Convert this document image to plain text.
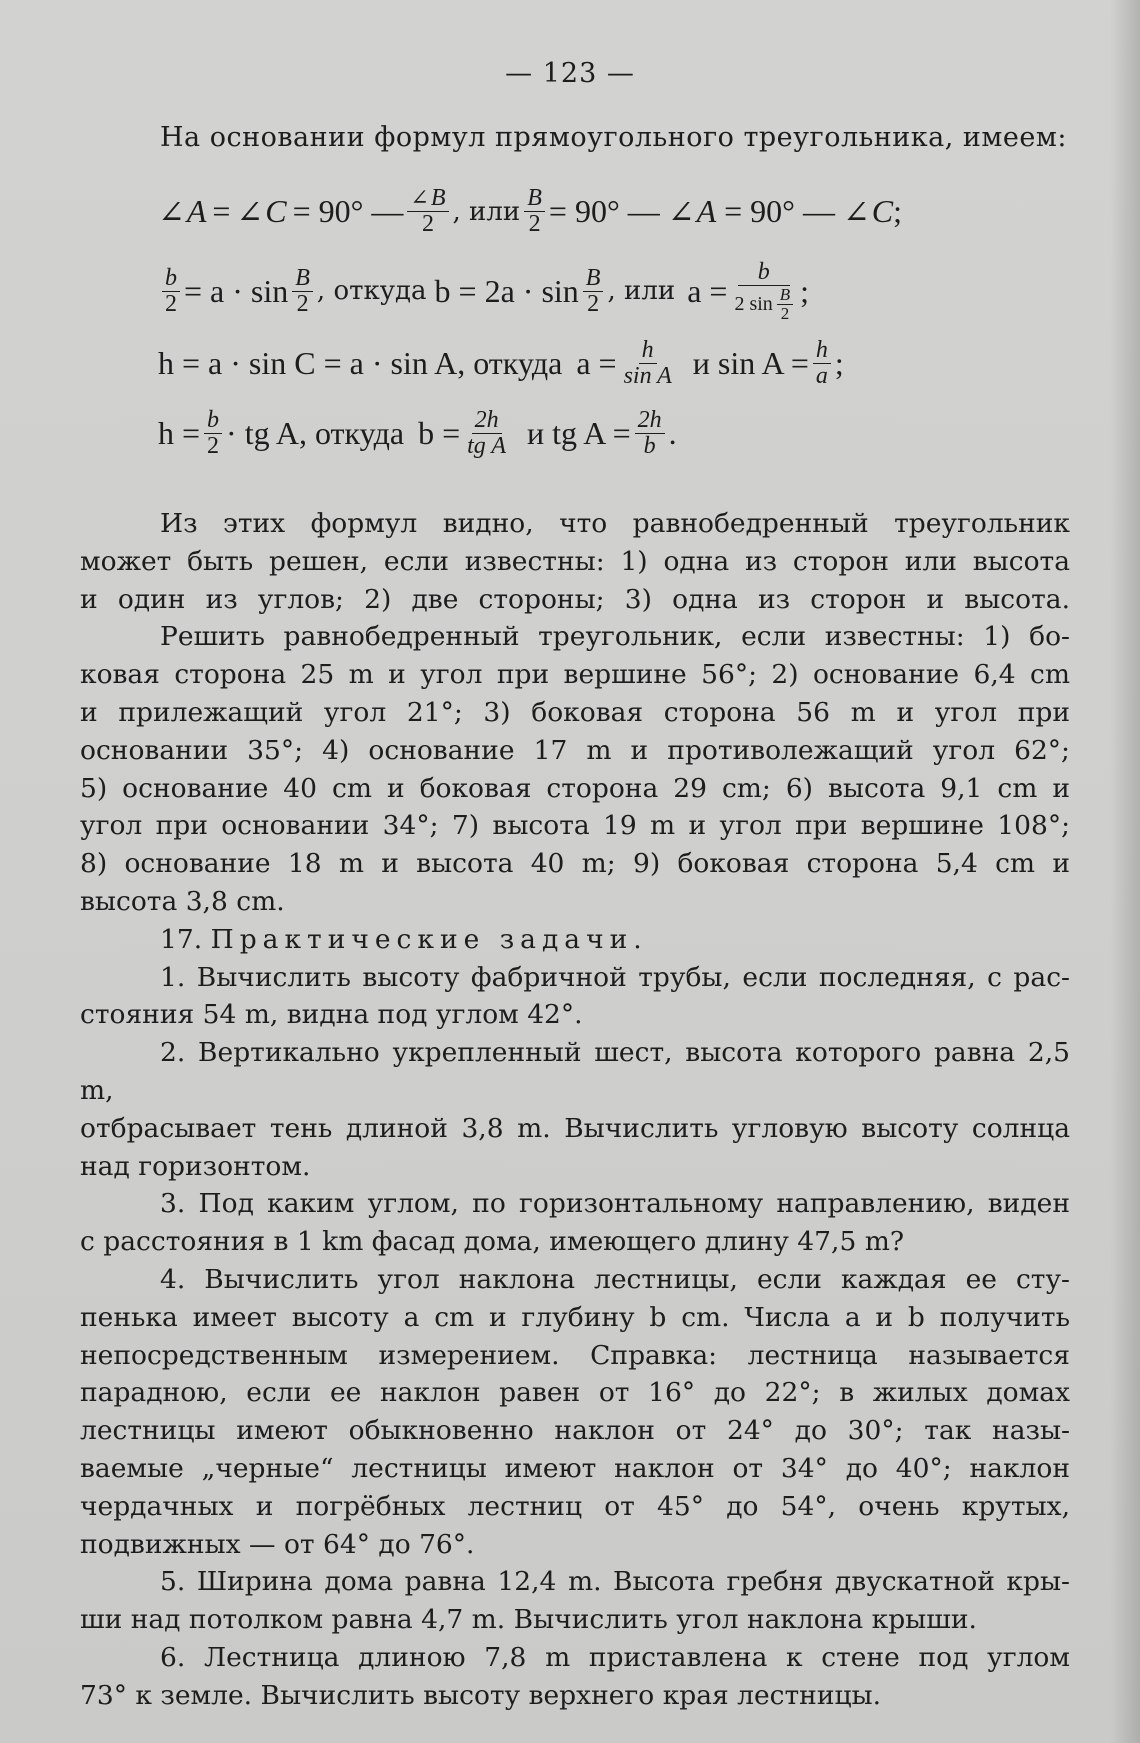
— 123 —
На основании формул прямоугольного треугольника, имеем:
∠ A = ∠ C = 90° — $\frac{\angle B}{2}$ , или $\frac{B}{2} = 90^\circ$ — ∠ A = 90° — ∠ C ;
$\frac{b}{2} = a \cdot \sin \frac{B}{2}$ , откуда $b = 2a \cdot \sin \frac{B}{2}$ , или $a = \frac{b}{2 \sin \frac{B}{2}}$ ;
h = a · sin C = a · sin A, откуда $a = \frac{h}{\text{sin A}}$ и $\sin A = \frac{h}{a}$ ;
$h = \frac{b}{2}$ · tg A, откуда $b = \frac{2h}{\text{tg A}}$ и tg $A = \frac{2h}{b}$ .

Из этих формул видно, что равнобедренный треугольник

может быть решен, если известны: 1) одна из сторон или высота

и один из углов; 2) две стороны; 3) одна из сторон и высота.

Решить равнобедренный треугольник, если известны: 1) бо-

ковая сторона 25 m и угол при вершине 56°; 2) основание 6,4 cm

и прилежащий угол 21°; 3) боковая сторона 56 m и угол при

основании 35°; 4) основание 17 m и противолежащий угол 62°;

5) основание 40 cm и боковая сторона 29 cm; 6) высота 9,1 cm и

угол при основании 34°; 7) высота 19 m и угол при вершине 108°;

8) основание 18 m и высота 40 m; 9) боковая сторона 5,4 cm и

высота 3,8 cm.

17. Практические задачи.

1. Вычислить высоту фабричной трубы, если последняя, с рас-

стояния 54 m, видна под углом 42°.

2. Вертикально укрепленный шест, высота которого равна 2,5 m,

отбрасывает тень длиной 3,8 m. Вычислить угловую высоту солнца

над горизонтом.

3. Под каким углом, по горизонтальному направлению, виден

с расстояния в 1 km фасад дома, имеющего длину 47,5 m?

4. Вычислить угол наклона лестницы, если каждая ее сту-

пенька имеет высоту a cm и глубину b cm. Числа a и b получить

непосредственным измерением. Справка: лестница называется

парадною, если ее наклон равен от 16° до 22°; в жилых домах

лестницы имеют обыкновенно наклон от 24° до 30°; так назы-

ваемые „черные“ лестницы имеют наклон от 34° до 40°; наклон

чердачных и погрёбных лестниц от 45° до 54°, очень крутых,

подвижных — от 64° до 76°.

5. Ширина дома равна 12,4 m. Высота гребня двускатной кры-

ши над потолком равна 4,7 m. Вычислить угол наклона крыши.

6. Лестница длиною 7,8 m приставлена к стене под углом

73° к земле. Вычислить высоту верхнего края лестницы.
